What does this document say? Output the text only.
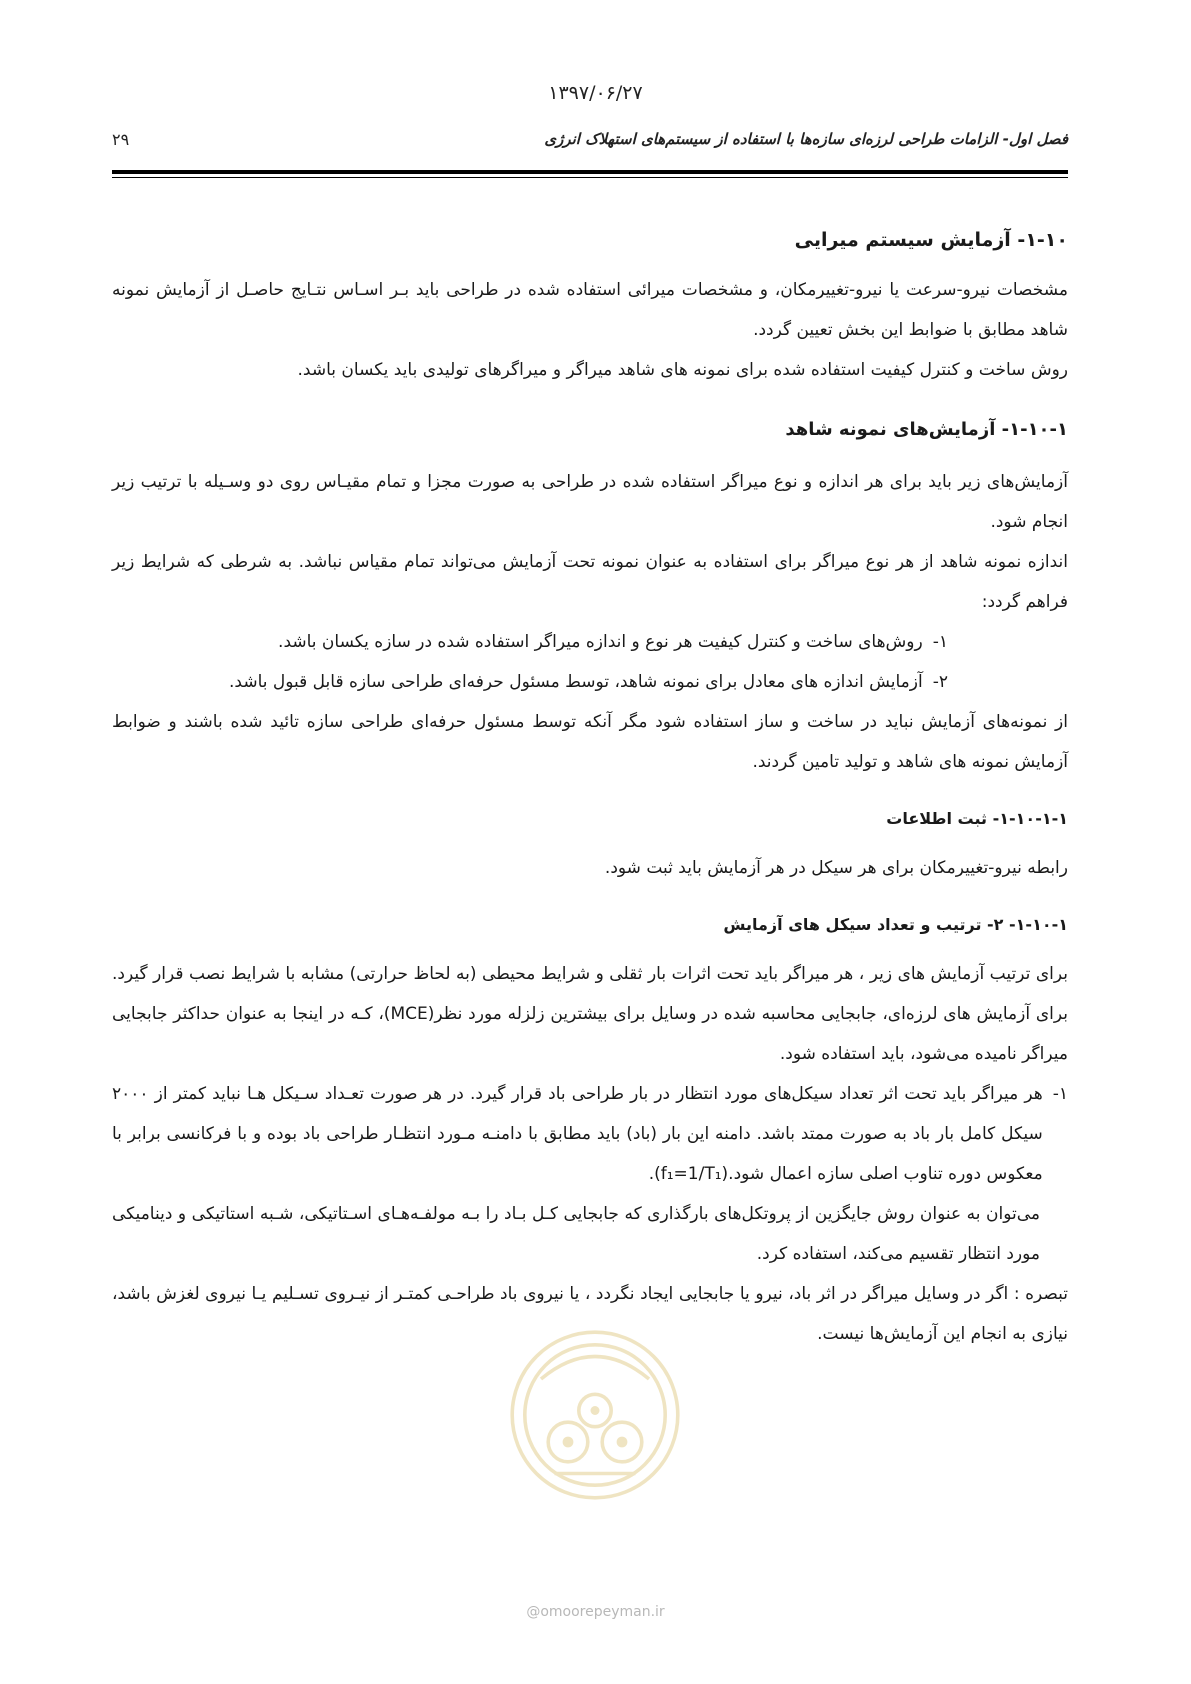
۱۳۹۷/۰۶/۲۷
فصل اول- الزامات طراحی لرزه‌ای سازه‌ها با استفاده از سیستم‌های استهلاک انرژی
۲۹
۱-۱۰- آزمایش سیستم میرایی

مشخصات نیرو-سرعت یا نیرو-تغییرمکان، و مشخصات میرائی استفاده شده در طراحی باید بـر اسـاس نتـایج حاصـل از آزمایش نمونه شاهد مطابق با ضوابط این بخش تعیین گردد.

روش ساخت و کنترل کیفیت استفاده شده برای نمونه های شاهد میراگر و میراگرهای تولیدی باید یکسان باشد.

۱-۱۰-۱- آزمایش‌های نمونه شاهد

آزمایش‌های زیر باید برای هر اندازه و نوع میراگر استفاده شده در طراحی به صورت مجزا و تمام مقیـاس روی دو وسـیله با ترتیب زیر انجام شود.

اندازه نمونه شاهد از هر نوع میراگر برای استفاده به عنوان نمونه تحت آزمایش می‌تواند تمام مقیاس نباشد. به شرطی که شرایط زیر فراهم گردد:

۱-
روش‌های ساخت و کنترل کیفیت هر نوع و اندازه میراگر استفاده شده در سازه یکسان باشد.
۲-
آزمایش اندازه های معادل برای نمونه شاهد، توسط مسئول حرفه‌ای طراحی سازه قابل قبول باشد.

از نمونه‌های آزمایش نباید در ساخت و ساز استفاده شود مگر آنکه توسط مسئول حرفه‌ای طراحی سازه تائید شده باشند و ضوابط آزمایش نمونه های شاهد و تولید تامین گردند.

۱-۱۰-۱-۱- ثبت اطلاعات

رابطه نیرو-تغییرمکان برای هر سیکل در هر آزمایش باید ثبت شود.

۱-۱۰-۱- ۲- ترتیب و تعداد سیکل های آزمایش

برای ترتیب آزمایش های زیر ، هر میراگر باید تحت اثرات بار ثقلی و شرایط محیطی (به لحاظ حرارتی) مشابه با شرایط نصب قرار گیرد. برای آزمایش های لرزه‌ای، جابجایی محاسبه شده در وسایل برای بیشترین زلزله مورد نظر(MCE)، کـه در اینجا به عنوان حداکثر جابجایی میراگر نامیده می‌شود، باید استفاده شود.

۱-
هر میراگر باید تحت اثر تعداد سیکل‌های مورد انتظار در بار طراحی باد قرار گیرد. در هر صورت تعـداد سـیکل هـا نباید کمتر از ۲۰۰۰ سیکل کامل بار باد به صورت ممتد باشد. دامنه این بار (باد) باید مطابق با دامنـه مـورد انتظـار طراحی باد بوده و با فرکانسی برابر با معکوس دوره تناوب اصلی سازه اعمال شود.(f₁=1/T₁).

می‌توان به عنوان روش جایگزین از پروتکل‌های بارگذاری که جابجایی کـل بـاد را بـه مولفـه‌هـای اسـتاتیکی، شـبه استاتیکی و دینامیکی مورد انتظار تقسیم می‌کند، استفاده کرد.

تبصره : اگر در وسایل میراگر در اثر باد، نیرو یا جابجایی ایجاد نگردد ، یا نیروی باد طراحـی کمتـر از نیـروی تسـلیم یـا نیروی لغزش باشد، نیازی به انجام این آزمایش‌ها نیست.

@omoorepeyman.ir
